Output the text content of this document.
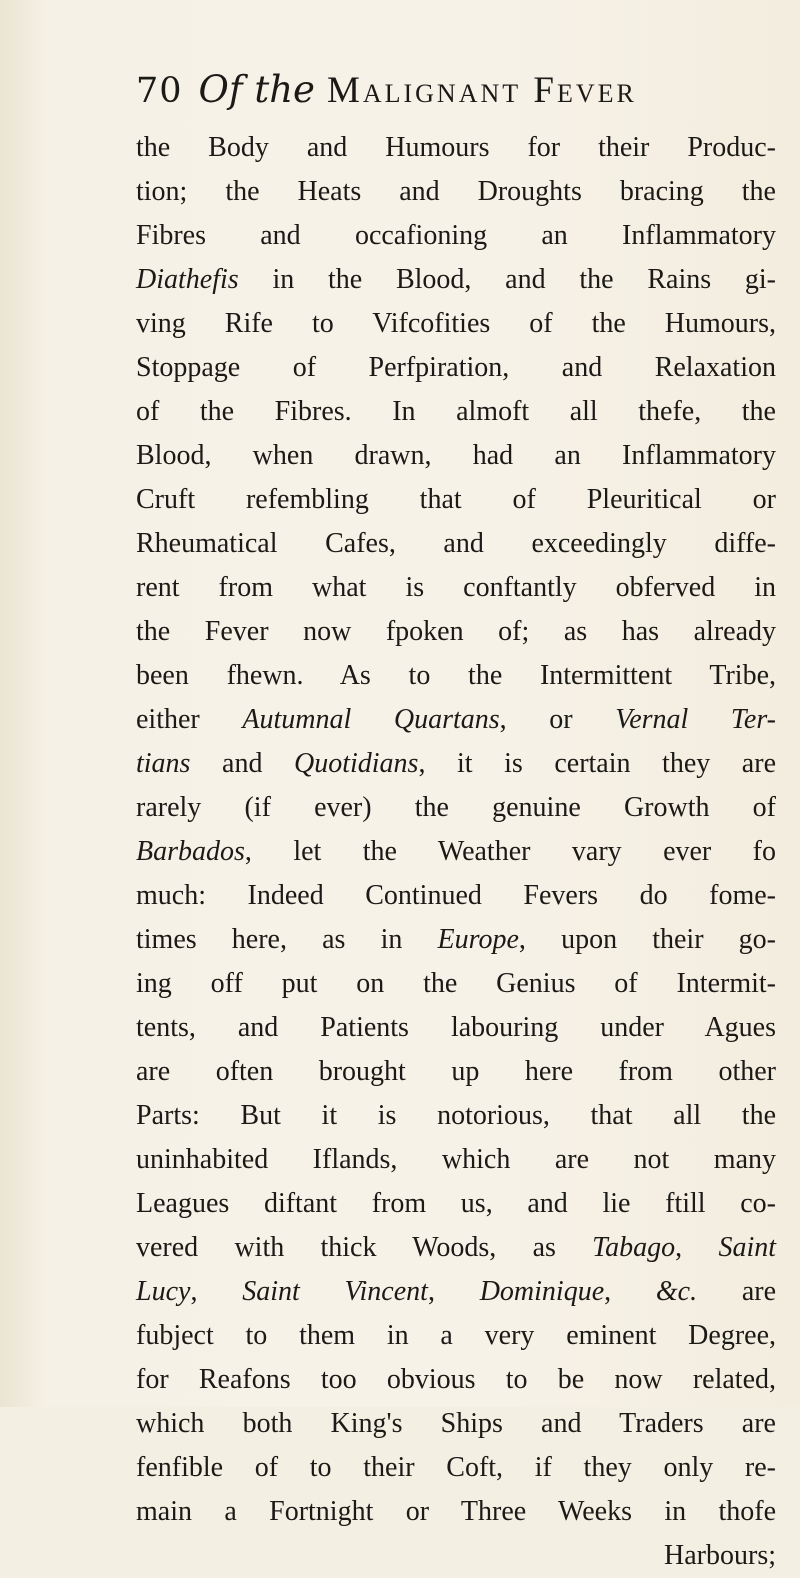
70 Of the Malignant Fever
the Body and Humours for their Produc-
tion; the Heats and Droughts bracing the
Fibres and occafioning an Inflammatory
Diathefis in the Blood, and the Rains gi-
ving Rife to Vifcofities of the Humours,
Stoppage of Perfpiration, and Relaxation
of the Fibres. In almoft all thefe, the
Blood, when drawn, had an Inflammatory
Cruft refembling that of Pleuritical or
Rheumatical Cafes, and exceedingly diffe-
rent from what is conftantly obferved in
the Fever now fpoken of; as has already
been fhewn. As to the Intermittent Tribe,
either Autumnal Quartans, or Vernal Ter-
tians and Quotidians, it is certain they are
rarely (if ever) the genuine Growth of
Barbados, let the Weather vary ever fo
much: Indeed Continued Fevers do fome-
times here, as in Europe, upon their go-
ing off put on the Genius of Intermit-
tents, and Patients labouring under Agues
are often brought up here from other
Parts: But it is notorious, that all the
uninhabited Iflands, which are not many
Leagues diftant from us, and lie ftill co-
vered with thick Woods, as Tabago, Saint
Lucy, Saint Vincent, Dominique, &c. are
fubject to them in a very eminent Degree,
for Reafons too obvious to be now related,
which both King's Ships and Traders are
fenfible of to their Coft, if they only re-
main a Fortnight or Three Weeks in thofe
Harbours;
